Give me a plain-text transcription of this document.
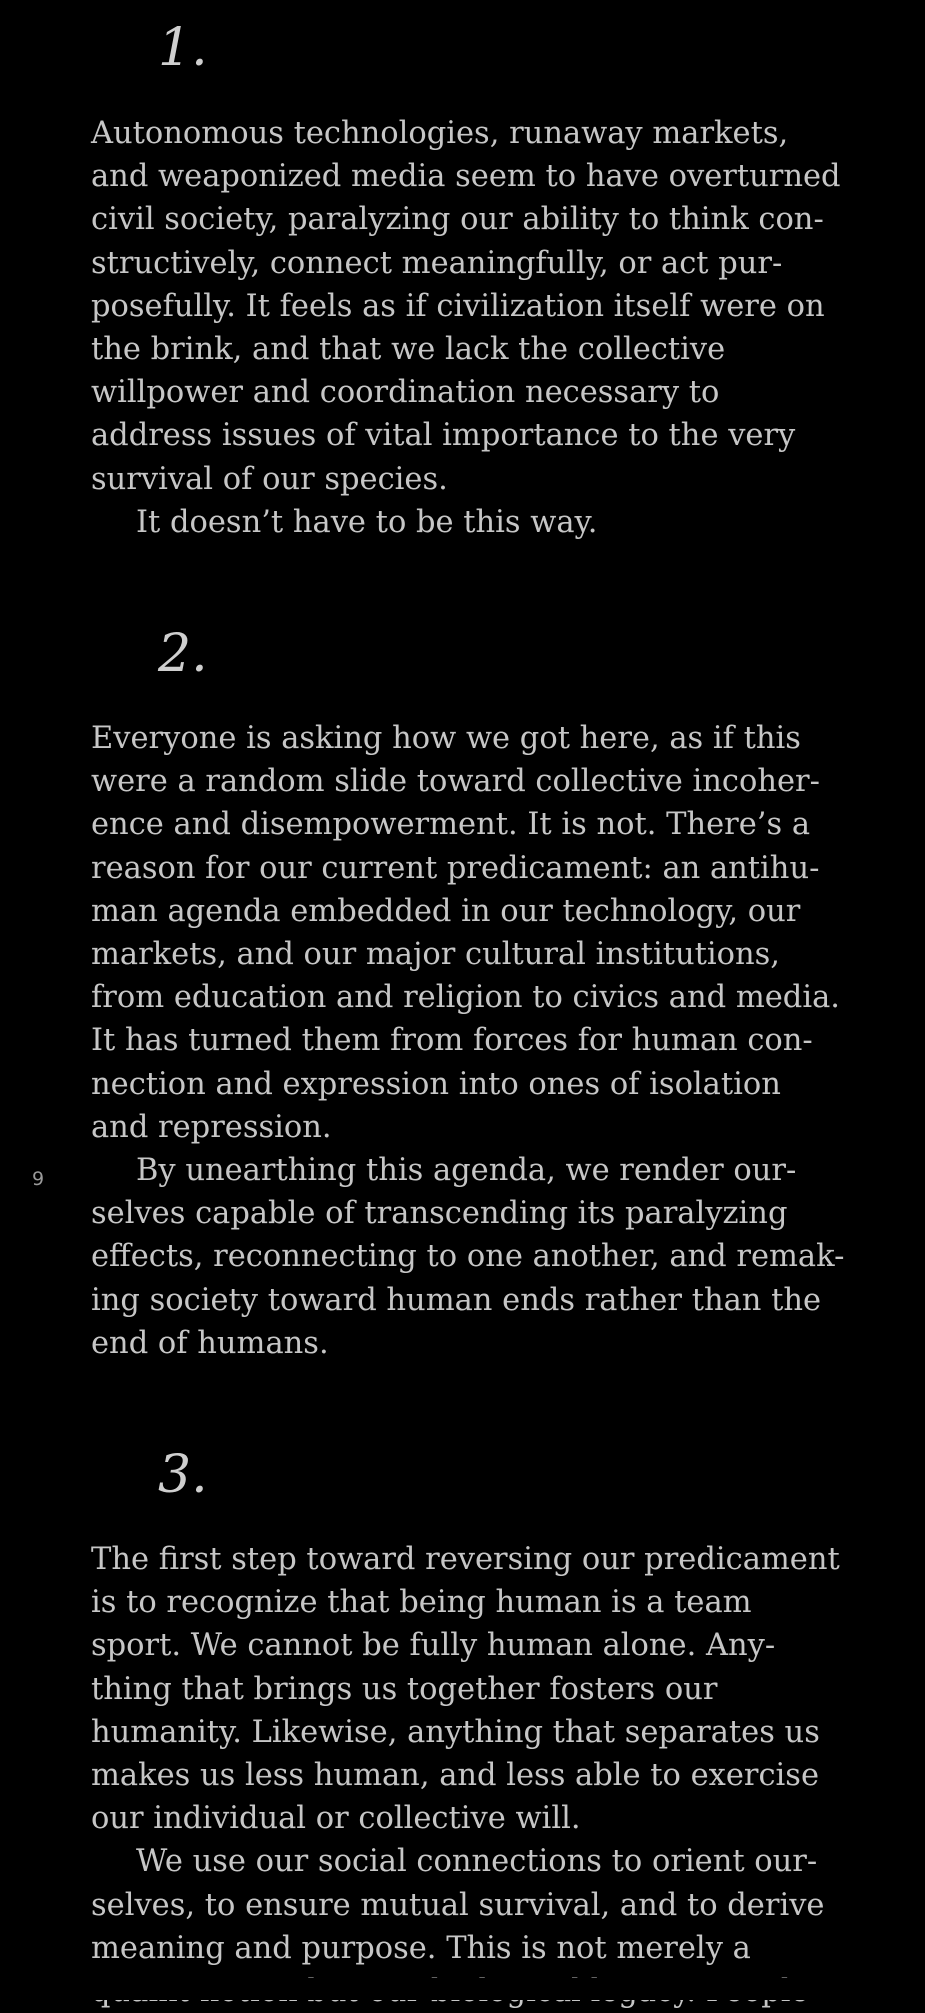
1.
Autonomous technologies, runaway markets,
and weaponized media seem to have overturned
civil society, paralyzing our ability to think con-
structively, connect meaningfully, or act pur-
posefully. It feels as if civilization itself were on
the brink, and that we lack the collective
willpower and coordination necessary to
address issues of vital importance to the very
survival of our species.
It doesn’t have to be this way.
2.
Everyone is asking how we got here, as if this
were a random slide toward collective incoher-
ence and disempowerment. It is not. There’s a
reason for our current predicament: an antihu-
man agenda embedded in our technology, our
markets, and our major cultural institutions,
from education and religion to civics and media.
It has turned them from forces for human con-
nection and expression into ones of isolation
and repression.
By unearthing this agenda, we render our-
selves capable of transcending its paralyzing
effects, reconnecting to one another, and remak-
ing society toward human ends rather than the
end of humans.
9
3.
The first step toward reversing our predicament
is to recognize that being human is a team
sport. We cannot be fully human alone. Any-
thing that brings us together fosters our
humanity. Likewise, anything that separates us
makes us less human, and less able to exercise
our individual or collective will.
We use our social connections to orient our-
selves, to ensure mutual survival, and to derive
meaning and purpose. This is not merely a
